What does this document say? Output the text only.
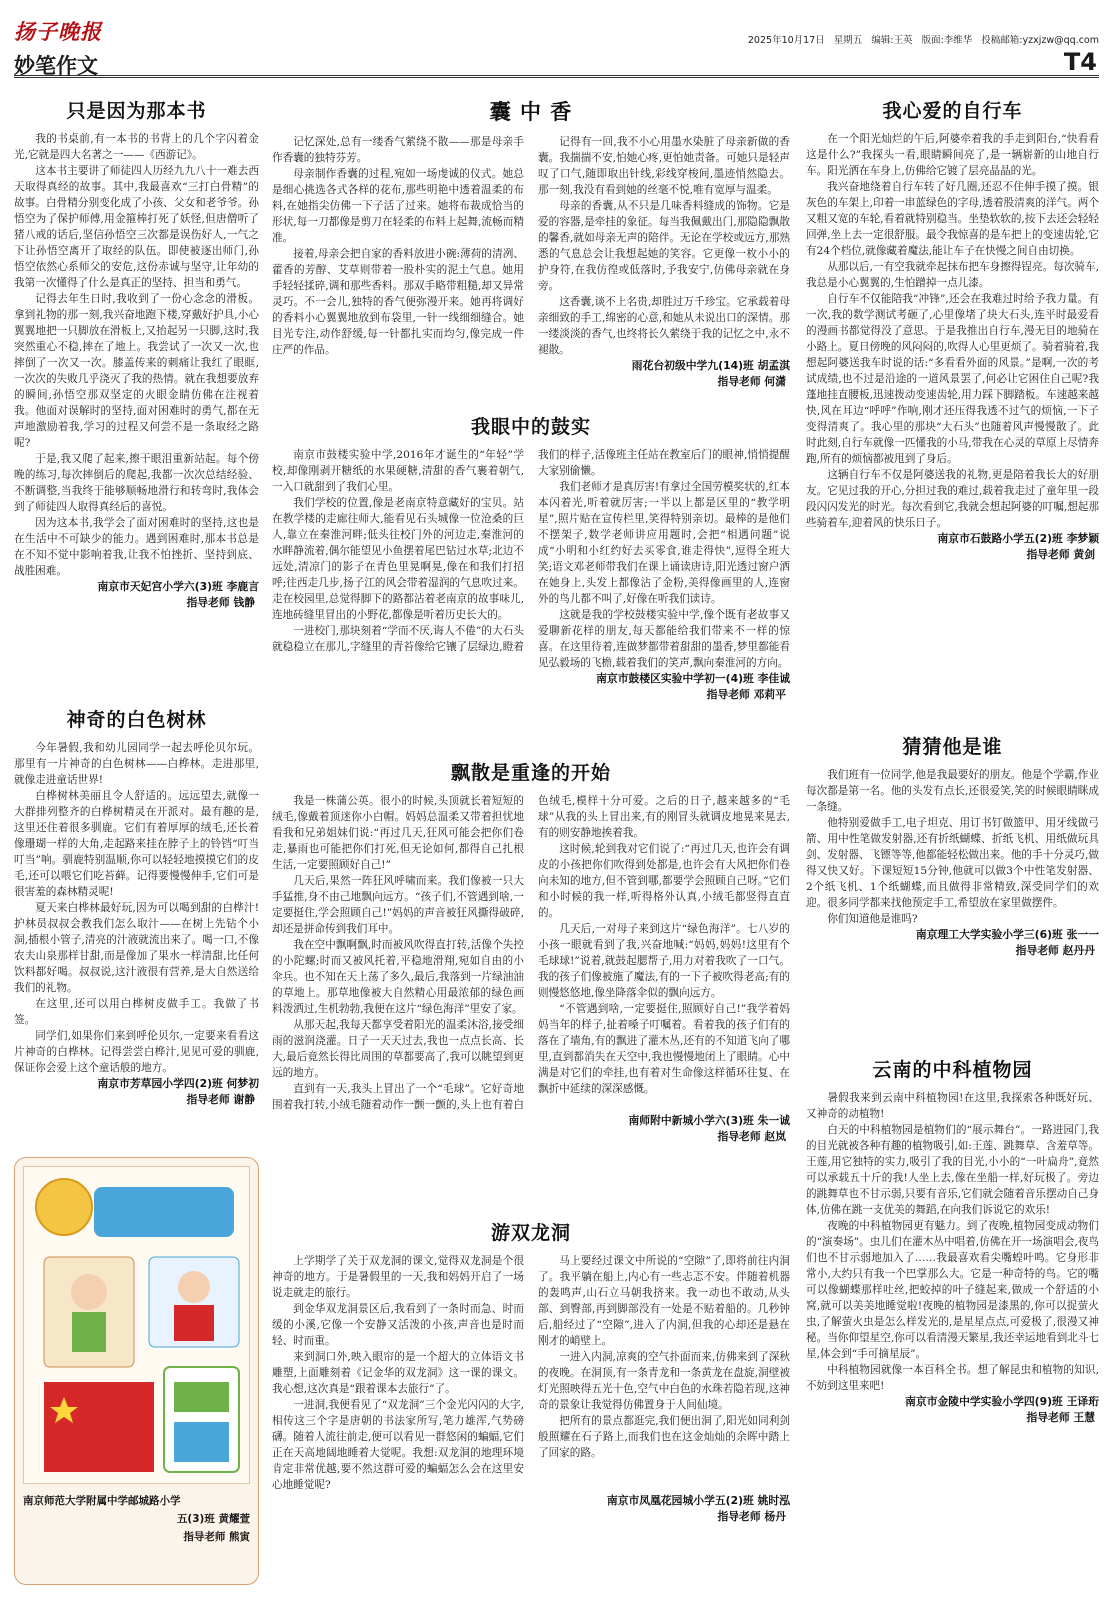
扬子晚报	2025年10月17日 星期五 编辑:王英 版面:李维华 投稿邮箱:yzxjzw@qq.com
妙笔作文	T4
只是因为那本书

我的书桌前,有一本书的书背上的几个字闪着金光,它就是四大名著之一——《西游记》。

这本书主要讲了师徒四人历经九九八十一难去西天取得真经的故事。其中,我最喜欢“三打白骨精”的故事。白骨精分别变化成了小孩、父女和老爷爷。孙悟空为了保护师傅,用金箍棒打死了妖怪,但唐僧听了猪八戒的话后,坚信孙悟空三次都是误伤好人,一气之下让孙悟空离开了取经的队伍。即使被逐出师门,孙悟空依然心系师父的安危,这份赤诚与坚守,让年幼的我第一次懂得了什么是真正的坚持、担当和勇气。

记得去年生日时,我收到了一份心念念的滑板。拿到礼物的那一刻,我兴奋地跑下楼,穿戴好护具,小心翼翼地把一只脚放在滑板上,又抬起另一只脚,这时,我突然重心不稳,摔在了地上。我尝试了一次又一次,也摔倒了一次又一次。膝盖传来的刺痛让我红了眼眶,一次次的失败几乎浇灭了我的热情。就在我想要放弃的瞬间,孙悟空那双坚定的火眼金睛仿佛在注视着我。他面对误解时的坚持,面对困难时的勇气,都在无声地激励着我,学习的过程又何尝不是一条取经之路呢?

于是,我又爬了起来,擦干眼泪重新站起。每个傍晚的练习,每次摔倒后的爬起,我都一次次总结经验、不断调整,当我终于能够顺畅地滑行和转弯时,我体会到了师徒四人取得真经后的喜悦。

因为这本书,我学会了面对困难时的坚持,这也是在生活中不可缺少的能力。遇到困难时,那本书总是在不知不觉中影响着我,让我不怕挫折、坚持到底、战胜困难。

南京市天妃宫小学六(3)班 李鹿言
指导老师 钱静
神奇的白色树林

今年暑假,我和幼儿园同学一起去呼伦贝尔玩。那里有一片神奇的白色树林——白桦林。走进那里,就像走进童话世界!

白桦树林美丽且令人舒适的。远远望去,就像一大群排列整齐的白桦树精灵在开派对。最有趣的是,这里还住着很多驯鹿。它们有着厚厚的绒毛,还长着像珊瑚一样的大角,走起路来挂在脖子上的铃铛“叮当叮当”响。驯鹿特别温顺,你可以轻轻地摸摸它们的皮毛,还可以喂它们吃苔藓。记得要慢慢伸手,它们可是很害羞的森林精灵呢!

夏天来白桦林最好玩,因为可以喝到甜的白桦汁!护林员叔叔会教我们怎么取汁——在树上先钻个小洞,插根小管子,清亮的汁液就流出来了。喝一口,不像农夫山泉那样甘甜,而是像加了果水一样清甜,比任何饮料都好喝。叔叔说,这汁液很有营养,是大自然送给我们的礼物。

在这里,还可以用白桦树皮做手工。我做了书签。

同学们,如果你们来到呼伦贝尔,一定要来看看这片神奇的白桦林。记得尝尝白桦汁,见见可爱的驯鹿,保证你会爱上这个童话般的地方。

南京市芳草园小学四(2)班 何梦初
指导老师 谢静
南京师范大学附属中学邮城路小学
五(3)班 黄耀萱
指导老师 熊寅
囊 中 香

记忆深处,总有一缕香气萦绕不散——那是母亲手作香囊的独特芬芳。

母亲制作香囊的过程,宛如一场虔诚的仪式。她总是细心挑选各式各样的花布,那些明艳中透着温柔的布料,在她指尖仿佛一下子活了过来。她将布裁成恰当的形状,每一刀都像是剪刀在轻柔的布料上起舞,流畅而精准。

接着,母亲会把自家的香料放进小碗:薄荷的清冽、藿香的芳醇、艾草则带着一股朴实的泥土气息。她用手轻轻揉碎,调和那些香料。那双手略带粗糙,却又异常灵巧。不一会儿,独特的香气便弥漫开来。她再将调好的香料小心翼翼地放到布袋里,一针一线细细缝合。她目光专注,动作舒缓,每一针都扎实而均匀,像完成一件庄严的作品。

记得有一回,我不小心用墨水染脏了母亲新做的香囊。我揣揣不安,怕她心疼,更怕她责备。可她只是轻声叹了口气,随即取出针线,彩线穿梭间,墨迹悄然隐去。那一刻,我没有看到她的丝毫不悦,唯有宽厚与温柔。

母亲的香囊,从不只是几味香料缝成的饰物。它是爱的容器,是牵挂的象征。每当我佩戴出门,那隐隐飘散的馨香,就如母亲无声的陪伴。无论在学校或远方,那熟悉的气息总会让我想起她的笑容。它更像一枚小小的护身符,在我仿徨或低落时,予我安宁,仿佛母亲就在身旁。

这香囊,谈不上名贵,却胜过万千珍宝。它承载着母亲细致的手工,绵密的心意,和她从未说出口的深情。那一缕淡淡的香气,也终将长久萦绕于我的记忆之中,永不褪散。

雨花台初级中学九(14)班 胡孟淇
指导老师 何潇
我眼中的鼓实

南京市鼓楼实验中学,2016年才诞生的“年轻”学校,却像刚剥开糖纸的水果硬糖,清甜的香气裹着朝气,一入口就甜到了我们心里。

我们学校的位置,像是老南京特意藏好的宝贝。站在教学楼的走廊往师大,能看见石头城像一位沧桑的巨人,靠立在秦淮河畔;低头往校门外的河边走,秦淮河的水畔静流着,偶尔能望见小鱼摆着尾巴钻过水草;北边不远处,清凉门的影子在青色里晃啊晃,像在和我们打招呼;往西走几步,扬子江的风会带着湿润的气息吹过来。走在校园里,总觉得脚下的路都沾着老南京的故事味儿,连地砖缝里冒出的小野花,都像是听着历史长大的。

一进校门,那块刻着“学而不厌,诲人不倦”的大石头就稳稳立在那儿,字缝里的青苔像给它镶了层绿边,瞪着我们的样子,活像班主任站在教室后门的眼神,悄悄提醒大家别偷懒。

我们老师才是真厉害!有拿过全国劳模奖状的,红本本闪着光,听着就厉害;一半以上都是区里的“教学明星”,照片贴在宣传栏里,笑得特别亲切。最棒的是他们不摆架子,数学老师讲应用题时,会把“相遇问题”说成“小明和小红约好去买零食,谁走得快”,逗得全班大笑;语文邓老师带我们在课上诵读唐诗,阳光透过窗户洒在她身上,头发上都像沾了金粉,美得像画里的人,连窗外的鸟儿都不叫了,好像在听我们读诗。

这就是我的学校鼓楼实验中学,像个既有老故事又爱聊新花样的朋友,每天都能给我们带来不一样的惊喜。在这里待着,连做梦都带着甜甜的墨香,梦里都能看见弘毅场的飞檐,载着我们的笑声,飘向秦淮河的方向。

南京市鼓楼区实验中学初一(4)班 李佳诚
指导老师 邓莉平
飘散是重逢的开始

我是一株蒲公英。很小的时候,头顶就长着短短的绒毛,像戴着顶迷你小白帽。妈妈总温柔又带着担忧地看我和兄弟姐妹们说:“再过几天,狂风可能会把你们卷走,暴雨也可能把你们打死,但无论如何,都得自己扎根生活,一定要照顾好自己!”

几天后,果然一阵狂风呼啸而来。我们像被一只大手猛推,身不由己地飘向远方。“孩子们,不管遇到啥,一定要挺住,学会照顾自己!”妈妈的声音被狂风撕得破碎,却还是拼命传到我们耳中。

我在空中飘啊飘,时而被风吹得直打转,活像个失控的小陀螺;时而又被风托着,平稳地滑翔,宛如自由的小伞兵。也不知在天上荡了多久,最后,我落到一片绿油油的草地上。那草地像被大自然精心用最浓郁的绿色画料泼洒过,生机勃勃,我便在这片“绿色海洋”里安了家。

从那天起,我每天都享受着阳光的温柔沐浴,接受细雨的滋润浇灌。日子一天天过去,我也一点点长高、长大,最后竟然长得比周围的草都要高了,我可以眺望到更远的地方。

直到有一天,我头上冒出了一个“毛球”。它好奇地围着我打转,小绒毛随着动作一颤一颤的,头上也有着白色绒毛,模样十分可爱。之后的日子,越来越多的“毛球”从我的头上冒出来,有的刚冒头就调皮地晃来晃去,有的则安静地挨着我。

这时候,轮到我对它们说了:“再过几天,也许会有调皮的小孩把你们吹得到处都是,也许会有大风把你们卷向未知的地方,但不管到哪,都要学会照顾自己呀。”它们和小时候的我一样,听得格外认真,小绒毛都竖得直直的。

几天后,一对母子来到这片“绿色海洋”。七八岁的小孩一眼就看到了我,兴奋地喊:“妈妈,妈妈!这里有个毛球球!”说着,就鼓起腮帮子,用力对着我吹了一口气。我的孩子们像被施了魔法,有的一下子被吹得老高;有的则慢悠悠地,像坐降落伞似的飘向远方。

“不管遇到啥,一定要挺住,照顾好自己!”我学着妈妈当年的样子,扯着嗓子叮嘱着。看着我的孩子们有的落在了墙角,有的飘进了灌木丛,还有的不知道飞向了哪里,直到都消失在天空中,我也慢慢地闭上了眼睛。心中满是对它们的牵挂,也有着对生命像这样循环往复、在飘折中延续的深深感慨。

南师附中新城小学六(3)班 朱一诚
指导老师 赵岚
游双龙洞

上学期学了关于双龙洞的课文,觉得双龙洞是个很神奇的地方。于是暑假里的一天,我和妈妈开启了一场说走就走的旅行。

到金华双龙洞景区后,我看到了一条时而急、时而缓的小溪,它像一个安静又活泼的小孩,声音也是时而轻、时而重。

来到洞口外,映入眼帘的是一个超大的立体语文书雕塑,上面雕刻着《记金华的双龙洞》这一课的课文。我心想,这次真是“跟着课本去旅行”了。

一进洞,我便看见了“双龙洞”三个金光闪闪的大字,相传这三个字是唐朝的书法家所写,笔力雄浑,气势磅礴。随着人流往前走,便可以看见一群悠闲的蝙蝠,它们正在天高地阔地睡着大觉呢。我想:双龙洞的地理环境肯定非常优越,要不然这群可爱的蝙蝠怎么会在这里安心地睡觉呢?

马上要经过课文中所说的“空隙”了,即将前往内洞了。我平躺在船上,内心有一些忐忑不安。伴随着机器的轰鸣声,山石立马朝我挤来。我一动也不敢动,从头部、到臀部,再到脚部没有一处是不贴着船的。几秒钟后,船经过了“空隙”,进入了内洞,但我的心却还是悬在刚才的峭壁上。

一进入内洞,凉爽的空气扑面而来,仿佛来到了深秋的夜晚。在洞顶,有一条青龙和一条黄龙在盘旋,洞壁被灯光照映得五光十色,空气中白色的水珠若隐若现,这神奇的景象让我觉得仿佛置身于人间仙境。

把所有的景点都逛完,我们便出洞了,阳光如同利剑般照耀在石子路上,而我们也在这金灿灿的余晖中踏上了回家的路。

南京市凤凰花园城小学五(2)班 姚时泓
指导老师 杨丹
我心爱的自行车

在一个阳光灿烂的午后,阿婆牵着我的手走到阳台,“快看看这是什么?”我探头一看,眼睛瞬间亮了,是一辆崭新的山地自行车。阳光洒在车身上,仿佛给它镀了层亮晶晶的光。

我兴奋地绕着自行车转了好几圈,还忍不住伸手摸了摸。银灰色的车架上,印着一串蓝绿色的字母,透着股清爽的洋气。两个又粗又宽的车轮,看着就特别稳当。坐垫软软的,按下去还会轻轻回弹,坐上去一定很舒服。最令我惊喜的是车把上的变速齿轮,它有24个档位,就像藏着魔法,能让车子在快慢之间自由切换。

从那以后,一有空我就牵起抹布把车身擦得锃亮。每次骑车,我总是小心翼翼的,生怕蹭掉一点儿漆。

自行车不仅能陪我“冲锋”,还会在我难过时给予我力量。有一次,我的数学测试考砸了,心里像堵了块大石头,连平时最爱看的漫画书都觉得没了意思。于是我推出自行车,漫无目的地骑在小路上。夏日傍晚的风闷闷的,吹得人心里更烦了。骑着骑着,我想起阿婆送我车时说的话:“多看看外面的风景。”是啊,一次的考试成绩,也不过是沿途的一道风景罢了,何必让它困住自己呢?我蓬地挂直腰板,迅速拨动变速齿轮,用力踩下脚踏板。车速越来越快,风在耳边“呼呼”作响,刚才还压得我透不过气的烦恼,一下子变得清爽了。我心里的那块“大石头”也随着风声慢慢散了。此时此刻,自行车就像一匹懂我的小马,带我在心灵的草原上尽情奔跑,所有的烦恼都被甩到了身后。

这辆自行车不仅是阿婆送我的礼物,更是陪着我长大的好朋友。它见过我的开心,分担过我的难过,载着我走过了童年里一段段闪闪发光的时光。每次看到它,我就会想起阿婆的叮嘱,想起那些骑着车,迎着风的快乐日子。

南京市石鼓路小学五(2)班 李梦颖
指导老师 黄剑
猜猜他是谁

我们班有一位同学,他是我最要好的朋友。他是个学霸,作业每次都是第一名。他的头发有点长,还很爱笑,笑的时候眼睛眯成一条缝。

他特别爱做手工,电子坦克、用订书钉做篮甲、用牙线做弓箭、用中性笔做发射器,还有折纸蝴蝶、折纸飞机、用纸做玩具剑、发射器、飞镖等等,他都能轻松做出来。他的手十分灵巧,做得又快又好。下课短短15分钟,他就可以做3个中性笔发射器、2个纸飞机、1个纸蝴蝶,而且做得非常精致,深受同学们的欢迎。很多同学都来找他预定手工,希望放在家里做摆件。

你们知道他是谁吗?

南京理工大学实验小学三(6)班 张一一
指导老师 赵丹丹
云南的中科植物园

暑假我来到云南中科植物园!在这里,我探索各种既好玩、又神奇的动植物!

白天的中科植物园是植物们的“展示舞台”。一路进园门,我的目光就被各种有趣的植物吸引,如:王莲、跳舞草、含羞草等。王莲,用它独特的实力,吸引了我的目光,小小的“一叶扁舟”,竟然可以承载五十斤的我!人坐上去,像在坐船一样,好玩极了。旁边的跳舞草也不甘示弱,只要有音乐,它们就会随着音乐摆动自己身体,仿佛在跳一支优美的舞蹈,在向我们诉说它的欢乐!

夜晚的中科植物园更有魅力。到了夜晚,植物园变成动物们的“演奏场”。虫儿们在灌木丛中唱着,仿佛在开一场演唱会,夜鸟们也不甘示弱地加入了……我最喜欢看尖嘴蝗叶鸣。它身形非常小,大约只有我一个巴掌那么大。它是一种奇特的鸟。它的嘴可以像蝴蝶那样吐丝,把蛟掉的叶子缝起来,做成一个舒适的小窝,就可以美美地睡觉啦!夜晚的植物园是漆黑的,你可以捉萤火虫,了解萤火虫是怎么样发光的,是星星点点,可爱极了,很漫又神秘。当你仰望星空,你可以看清漫天繁星,我还幸运地看到北斗七星,体会到“手可摘星辰”。

中科植物园就像一本百科全书。想了解昆虫和植物的知识,不妨到这里来吧!

南京市金陵中学实验小学四(9)班 王译珩
指导老师 王慧
